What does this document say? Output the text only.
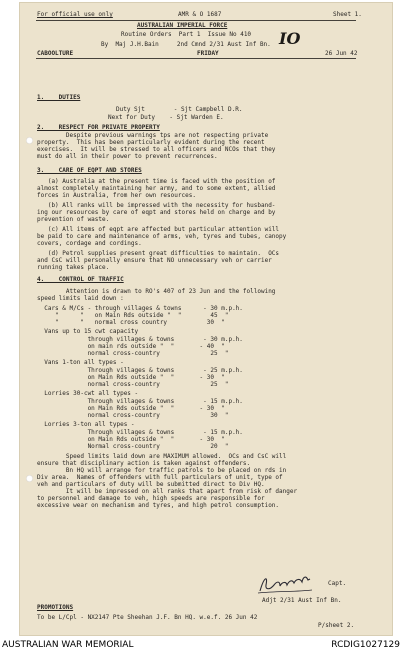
For official use only	AMR & O 1687	Sheet 1.
AUSTRALIAN IMPERIAL FORCE
Routine Orders  Part 1  Issue No 410 IO
By  Maj J.H.Bain     2nd Cmnd 2/31 Aust Inf Bn.
CABOOLTURE	FRIDAY	26 Jun 42
1.    DUTIES
Duty Sjt        - Sjt Campbell D.R.
Next for Duty    - Sjt Warden E.
2.    RESPECT FOR PRIVATE PROPERTY
Despite previous warnings tps are not respecting private
property.  This has been particularly evident during the recent
exercises.  It will be stressed to all officers and NCOs that they
must do all in their power to prevent recurrences.
3.    CARE OF EQPT AND STORES
(a) Australia at the present time is faced with the position of
almost completely maintaining her army, and to some extent, allied
forces in Australia, from her own resources.
(b) All ranks will be impressed with the necessity for husband-
ing our resources by care of eqpt and stores held on charge and by
prevention of waste.
(c) All items of eqpt are affected but particular attention will
be paid to care and maintenance of arms, veh, tyres and tubes, canopy
covers, cordage and cordings.
(d) Petrol supplies present great difficulties to maintain.  OCs
and CsC will personally ensure that NO unnecessary veh or carrier
running takes place.
4.    CONTROL OF TRAFFIC
Attention is drawn to RO's 407 of 23 Jun and the following
speed limits laid down :
Cars & M/Cs - through villages & towns      - 30 m.p.h.
"      "   on Main Rds outside "  "        45  "
"      "   normal cross country           30  "
Vans up to 15 cwt capacity
through villages & towns        - 30 m.p.h.
on main rds outside "  "       - 40  "
normal cross-country              25  "
Vans 1-ton all types -
Through villages & towns        - 25 m.p.h.
on Main Rds outside "  "       - 30  "
normal cross-country              25  "
Lorries 30-cwt all types -
Through villages & towns        - 15 m.p.h.
on Main Rds outside "  "       - 30  "
normal cross-country              30  "
Lorries 3-ton all types -
Through villages & towns        - 15 m.p.h.
on Main Rds outside "  "       - 30  "
Normal cross-country              20  "
Speed limits laid down are MAXIMUM allowed.  OCs and CsC will
ensure that disciplinary action is taken against offenders.
Bn HQ will arrange for traffic patrols to be placed on rds in
Div area.  Names of offenders with full particulars of unit, type of
veh and particulars of duty will be submitted direct to Div HQ.
It will be impressed on all ranks that apart from risk of danger
to personnel and damage to veh, high speeds are responsible for
excessive wear on mechanism and tyres, and high petrol consumption.
Capt.
Adjt 2/31 Aust Inf Bn.
PROMOTIONS
To be L/Cpl - NX2147 Pte Sheehan J.F. Bn HQ. w.e.f. 26 Jun 42
P/sheet 2.
AUSTRALIAN WAR MEMORIAL	RCDIG1027129
